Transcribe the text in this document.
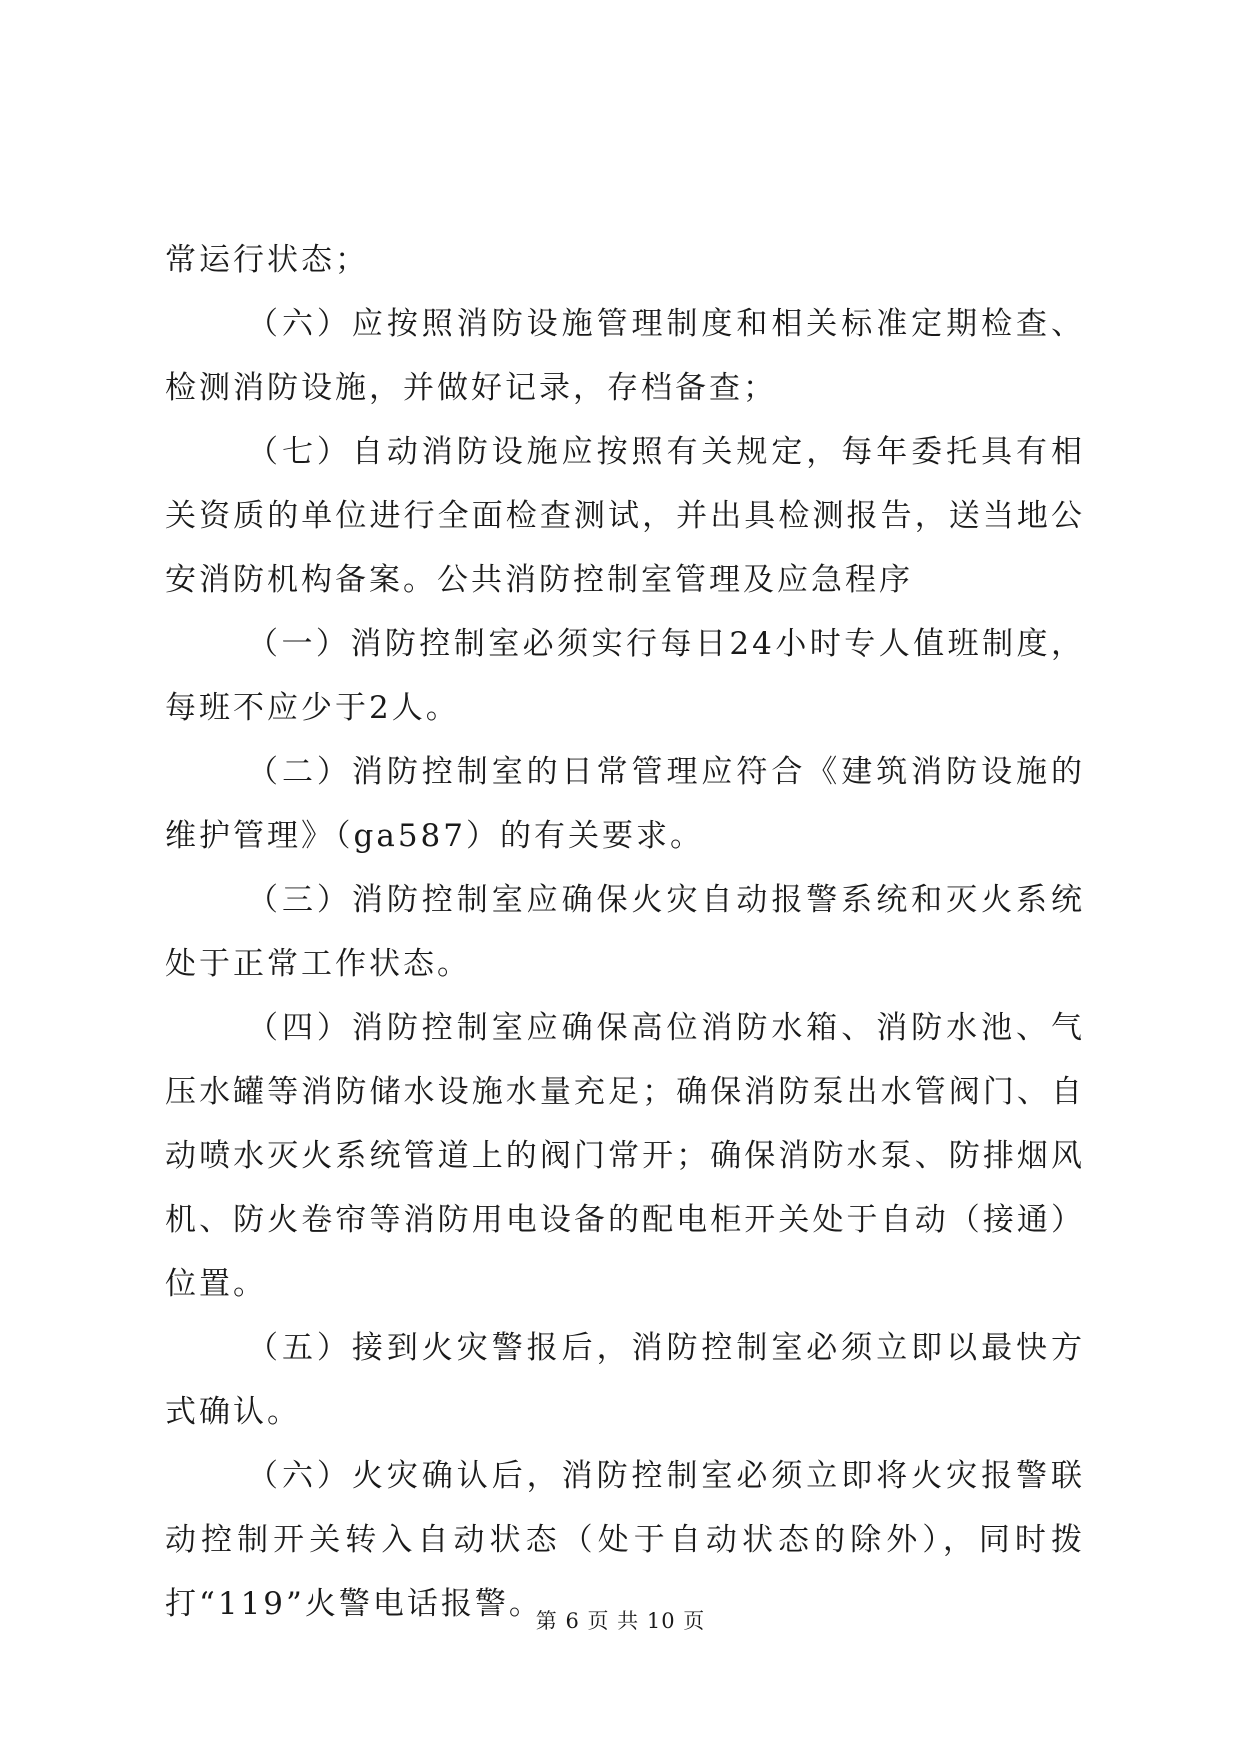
常运行状态；

（六）应按照消防设施管理制度和相关标准定期检查、检测消防设施，并做好记录，存档备查；

（七）自动消防设施应按照有关规定，每年委托具有相关资质的单位进行全面检查测试，并出具检测报告，送当地公安消防机构备案。公共消防控制室管理及应急程序

（一）消防控制室必须实行每日24小时专人值班制度，每班不应少于2人。

（二）消防控制室的日常管理应符合《建筑消防设施的维护管理》（ga587）的有关要求。

（三）消防控制室应确保火灾自动报警系统和灭火系统处于正常工作状态。

（四）消防控制室应确保高位消防水箱、消防水池、气压水罐等消防储水设施水量充足；确保消防泵出水管阀门、自动喷水灭火系统管道上的阀门常开；确保消防水泵、防排烟风机、防火卷帘等消防用电设备的配电柜开关处于自动（接通）位置。

（五）接到火灾警报后，消防控制室必须立即以最快方式确认。

（六）火灾确认后，消防控制室必须立即将火灾报警联动控制开关转入自动状态（处于自动状态的除外），同时拨打“119”火警电话报警。

第 6 页 共 10 页
